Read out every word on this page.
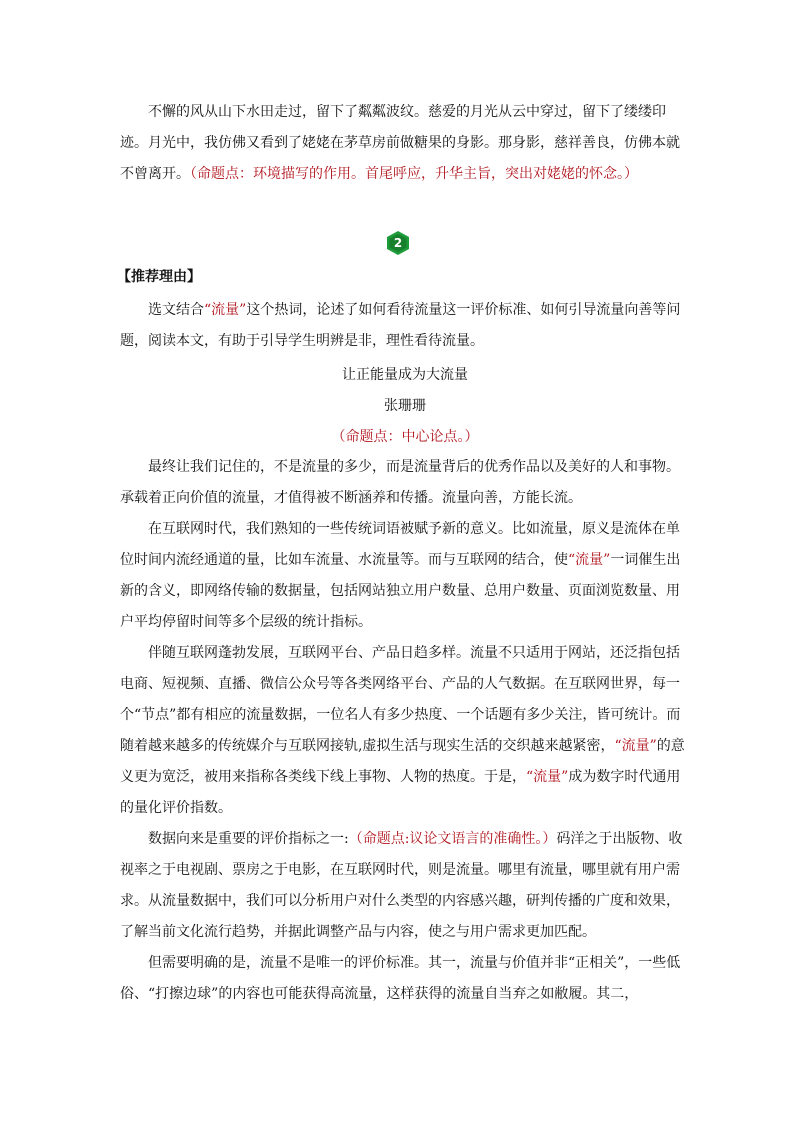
不懈的风从山下水田走过，留下了粼粼波纹。慈爱的月光从云中穿过，留下了缕缕印迹。月光中，我仿佛又看到了姥姥在茅草房前做糖果的身影。那身影，慈祥善良，仿佛本就不曾离开。（命题点：环境描写的作用。首尾呼应，升华主旨，突出对姥姥的怀念。）

2

【推荐理由】

选文结合“流量”这个热词，论述了如何看待流量这一评价标准、如何引导流量向善等问题，阅读本文，有助于引导学生明辨是非，理性看待流量。

让正能量成为大流量

张珊珊

（命题点：中心论点。）

最终让我们记住的，不是流量的多少，而是流量背后的优秀作品以及美好的人和事物。承载着正向价值的流量，才值得被不断涵养和传播。流量向善，方能长流。

在互联网时代，我们熟知的一些传统词语被赋予新的意义。比如流量，原义是流体在单位时间内流经通道的量，比如车流量、水流量等。而与互联网的结合，使“流量”一词催生出新的含义，即网络传输的数据量，包括网站独立用户数量、总用户数量、页面浏览数量、用户平均停留时间等多个层级的统计指标。

伴随互联网蓬勃发展，互联网平台、产品日趋多样。流量不只适用于网站，还泛指包括电商、短视频、直播、微信公众号等各类网络平台、产品的人气数据。在互联网世界，每一个“节点”都有相应的流量数据，一位名人有多少热度、一个话题有多少关注，皆可统计。而随着越来越多的传统媒介与互联网接轨,虚拟生活与现实生活的交织越来越紧密，“流量”的意义更为宽泛，被用来指称各类线下线上事物、人物的热度。于是，“流量”成为数字时代通用的量化评价指数。

数据向来是重要的评价指标之一:（命题点:议论文语言的准确性。）码洋之于出版物、收视率之于电视剧、票房之于电影，在互联网时代，则是流量。哪里有流量，哪里就有用户需求。从流量数据中，我们可以分析用户对什么类型的内容感兴趣，研判传播的广度和效果，了解当前文化流行趋势，并据此调整产品与内容，使之与用户需求更加匹配。

但需要明确的是，流量不是唯一的评价标准。其一，流量与价值并非“正相关”，一些低俗、“打擦边球”的内容也可能获得高流量，这样获得的流量自当弃之如敝履。其二，
